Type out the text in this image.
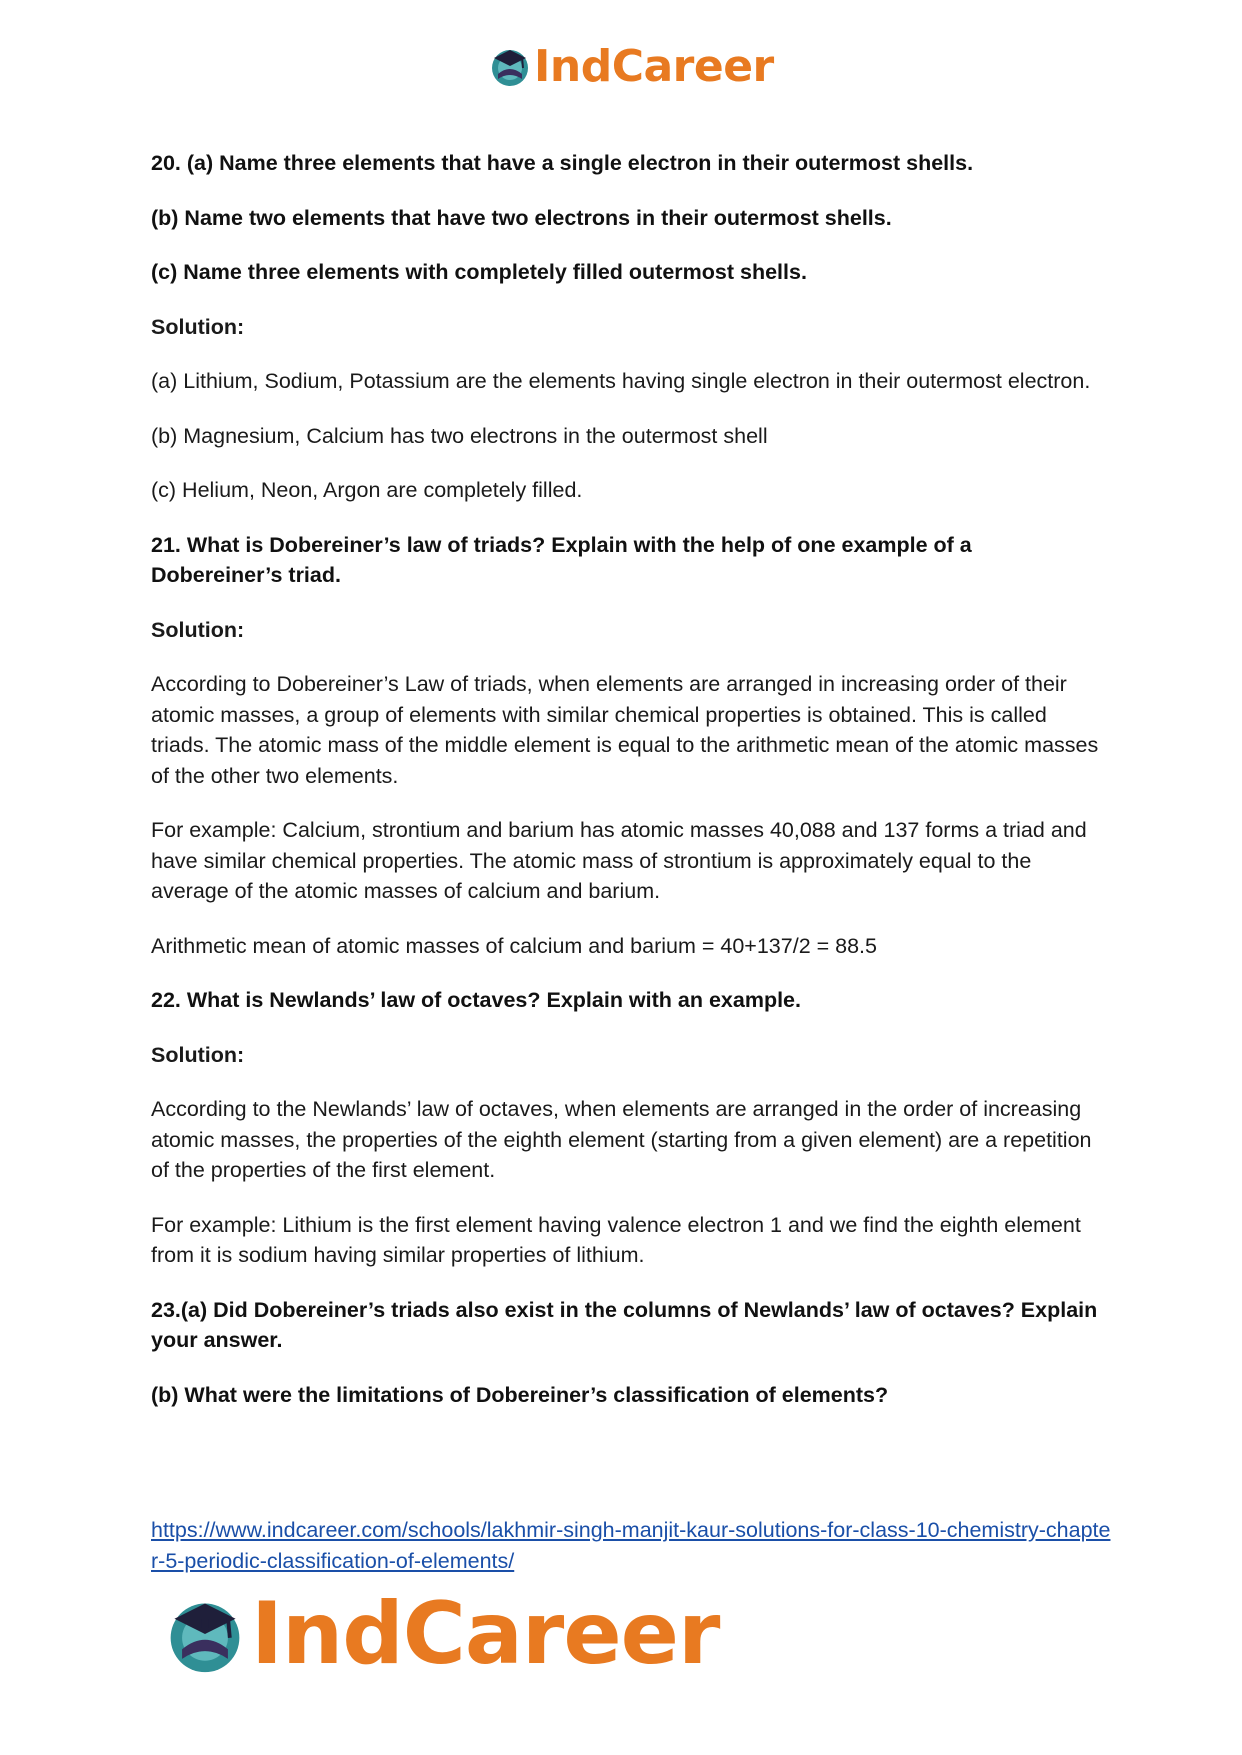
IndCareer

20. (a) Name three elements that have a single electron in their outermost shells.

(b) Name two elements that have two electrons in their outermost shells.

(c) Name three elements with completely filled outermost shells.

Solution:

(a) Lithium, Sodium, Potassium are the elements having single electron in their outermost electron.

(b) Magnesium, Calcium has two electrons in the outermost shell

(c) Helium, Neon, Argon are completely filled.

21. What is Dobereiner’s law of triads? Explain with the help of one example of a Dobereiner’s triad.

Solution:

According to Dobereiner’s Law of triads, when elements are arranged in increasing order of their atomic masses, a group of elements with similar chemical properties is obtained. This is called triads. The atomic mass of the middle element is equal to the arithmetic mean of the atomic masses of the other two elements.

For example: Calcium, strontium and barium has atomic masses 40,088 and 137 forms a triad and have similar chemical properties. The atomic mass of strontium is approximately equal to the average of the atomic masses of calcium and barium.

Arithmetic mean of atomic masses of calcium and barium = 40+137/2 = 88.5

22. What is Newlands’ law of octaves? Explain with an example.

Solution:

According to the Newlands’ law of octaves, when elements are arranged in the order of increasing atomic masses, the properties of the eighth element (starting from a given element) are a repetition of the properties of the first element.

For example: Lithium is the first element having valence electron 1 and we find the eighth element from it is sodium having similar properties of lithium.

23.(a) Did Dobereiner’s triads also exist in the columns of Newlands’ law of octaves? Explain your answer.

(b) What were the limitations of Dobereiner’s classification of elements?

https://www.indcareer.com/schools/lakhmir-singh-manjit-kaur-solutions-for-class-10-chemistry-chapter-5-periodic-classification-of-elements/
IndCareer
